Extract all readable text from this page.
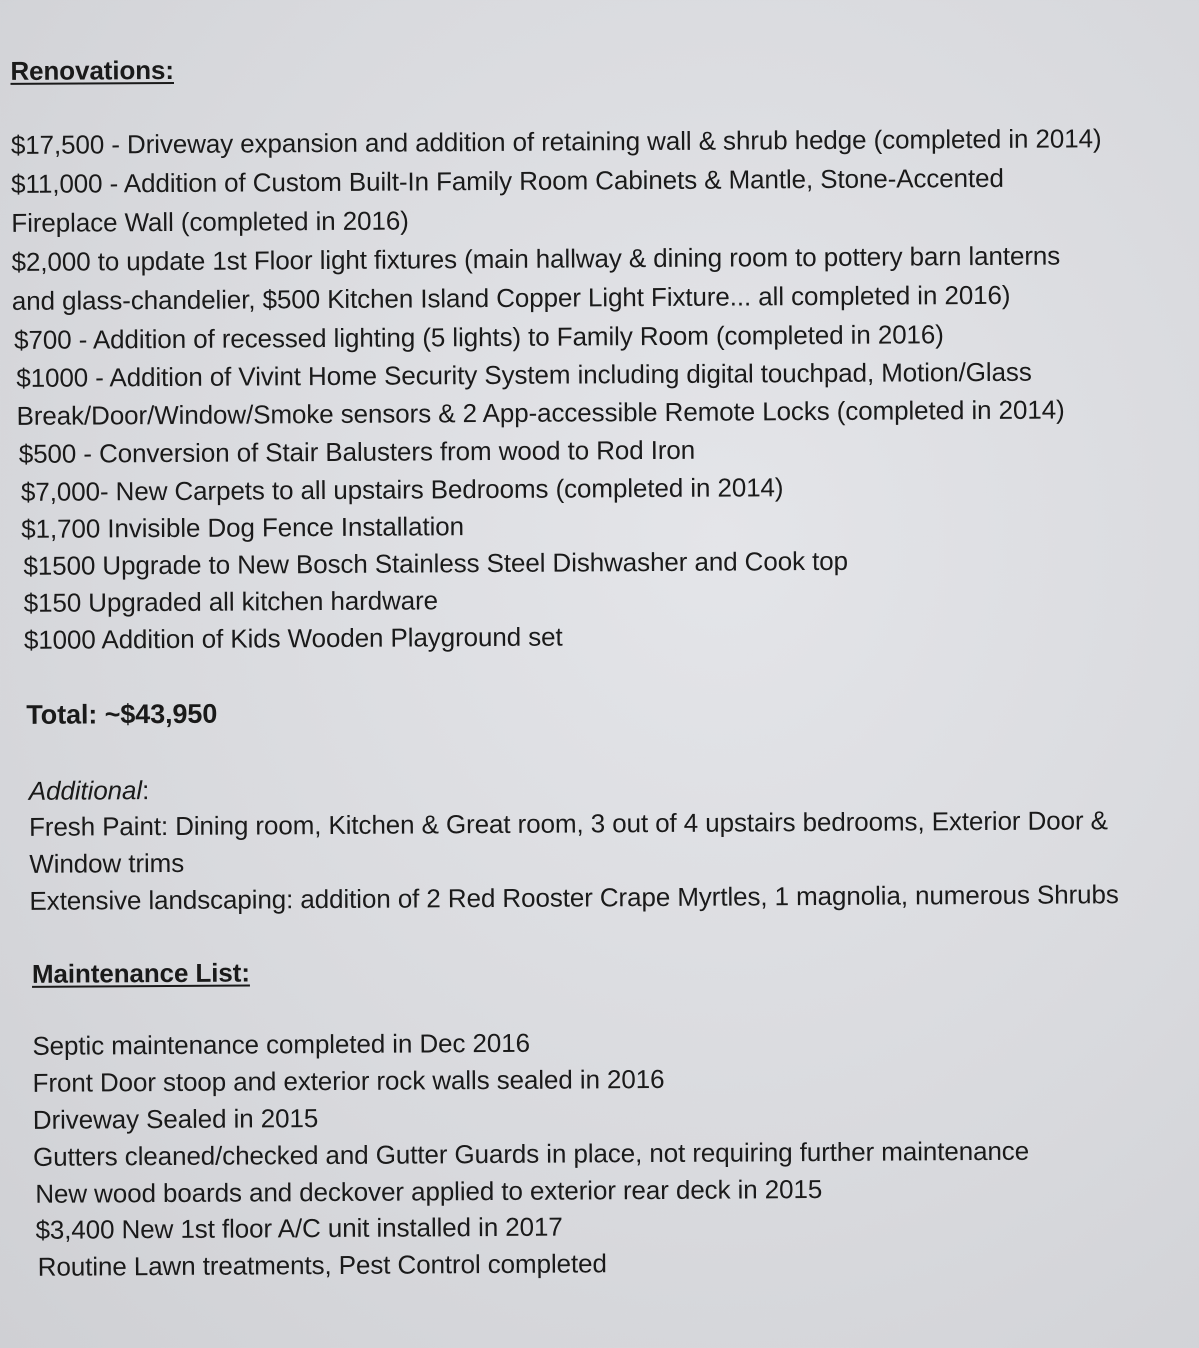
Renovations:
$17,500 - Driveway expansion and addition of retaining wall & shrub hedge (completed in 2014)
$11,000 - Addition of Custom Built-In Family Room Cabinets & Mantle, Stone-Accented
Fireplace Wall (completed in 2016)
$2,000 to update 1st Floor light fixtures (main hallway & dining room to pottery barn lanterns
and glass-chandelier, $500 Kitchen Island Copper Light Fixture... all completed in 2016)
$700 - Addition of recessed lighting (5 lights) to Family Room (completed in 2016)
$1000 - Addition of Vivint Home Security System including digital touchpad, Motion/Glass
Break/Door/Window/Smoke sensors & 2 App-accessible Remote Locks (completed in 2014)
$500 - Conversion of Stair Balusters from wood to Rod Iron
$7,000- New Carpets to all upstairs Bedrooms (completed in 2014)
$1,700 Invisible Dog Fence Installation
$1500 Upgrade to New Bosch Stainless Steel Dishwasher and Cook top
$150 Upgraded all kitchen hardware
$1000 Addition of Kids Wooden Playground set
Total: ~$43,950
Additional:
Fresh Paint: Dining room, Kitchen & Great room, 3 out of 4 upstairs bedrooms, Exterior Door &
Window trims
Extensive landscaping: addition of 2 Red Rooster Crape Myrtles, 1 magnolia, numerous Shrubs
Maintenance List:
Septic maintenance completed in Dec 2016
Front Door stoop and exterior rock walls sealed in 2016
Driveway Sealed in 2015
Gutters cleaned/checked and Gutter Guards in place, not requiring further maintenance
New wood boards and deckover applied to exterior rear deck in 2015
$3,400 New 1st floor A/C unit installed in 2017
Routine Lawn treatments, Pest Control completed
